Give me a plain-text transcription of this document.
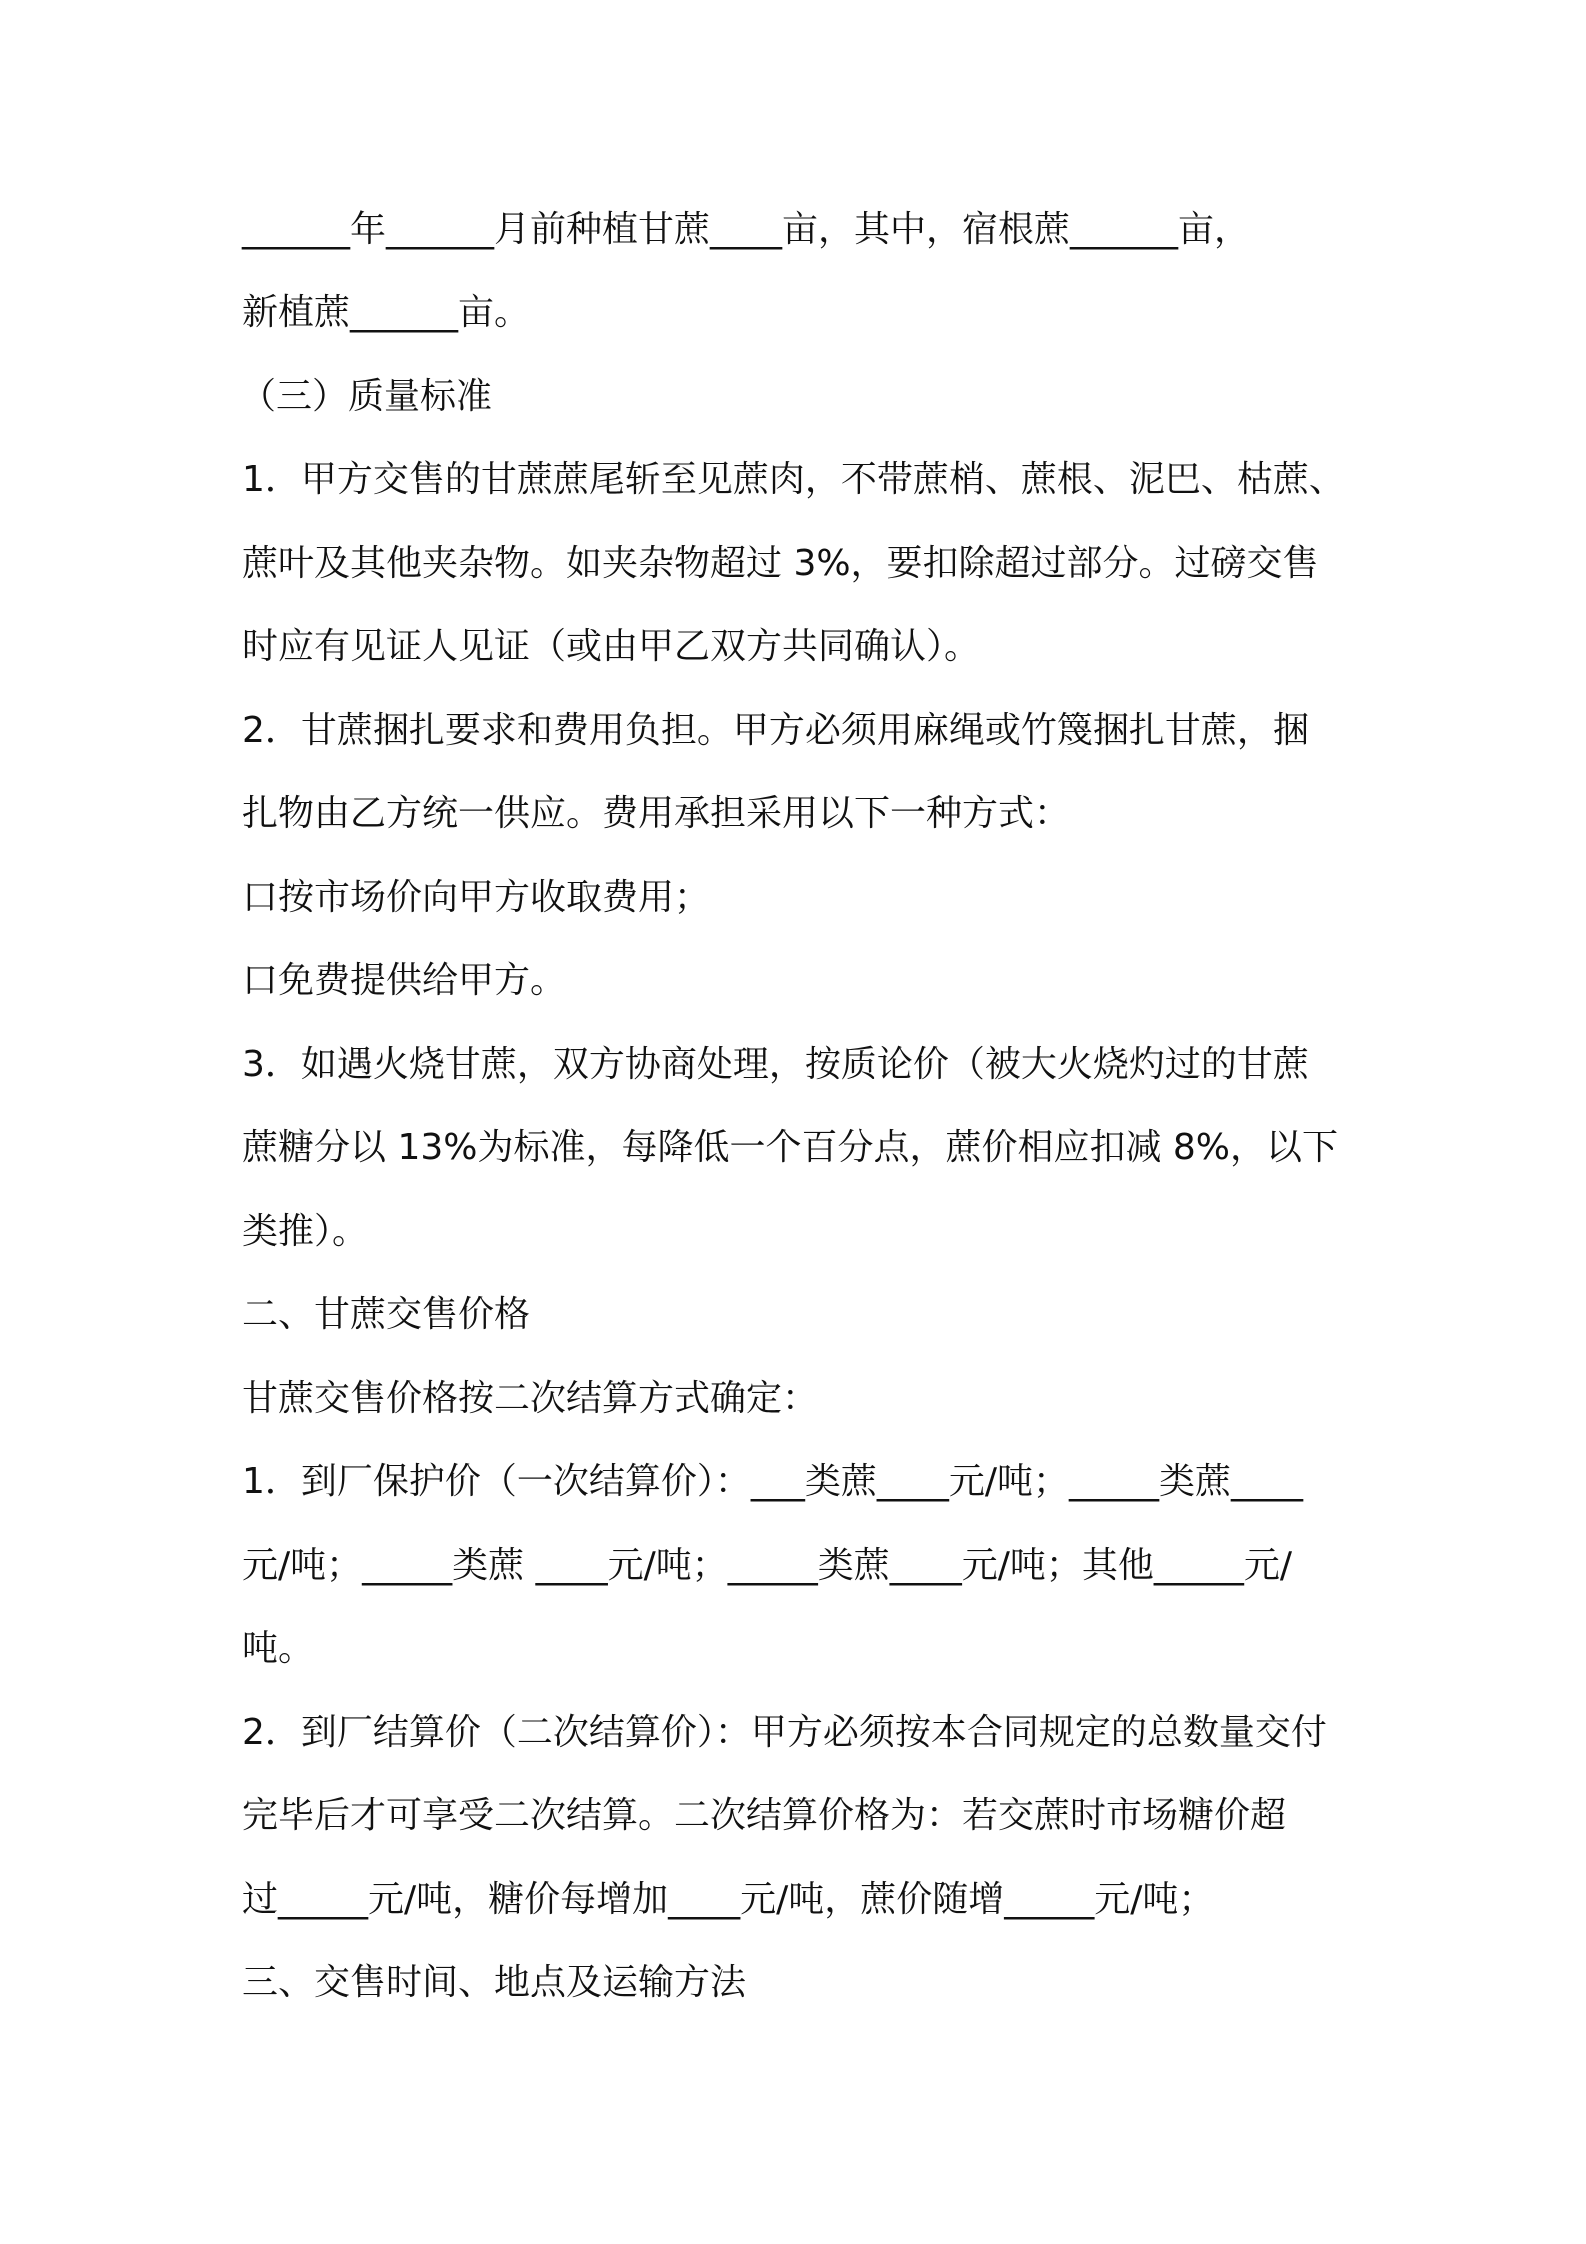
______年______月前种植甘蔗____亩，其中，宿根蔗______亩，
新植蔗______亩。
（三）质量标准
1．甲方交售的甘蔗蔗尾斩至见蔗肉，不带蔗梢、蔗根、泥巴、枯蔗、
蔗叶及其他夹杂物。如夹杂物超过 3%，要扣除超过部分。过磅交售
时应有见证人见证（或由甲乙双方共同确认）。
2．甘蔗捆扎要求和费用负担。甲方必须用麻绳或竹篾捆扎甘蔗，捆
扎物由乙方统一供应。费用承担采用以下一种方式：
口按市场价向甲方收取费用；
口免费提供给甲方。
3．如遇火烧甘蔗，双方协商处理，按质论价（被大火烧灼过的甘蔗
蔗糖分以 13%为标准，每降低一个百分点，蔗价相应扣减 8%，以下
类推）。
二、甘蔗交售价格
甘蔗交售价格按二次结算方式确定：
1．到厂保护价（一次结算价）：___类蔗____元/吨；_____类蔗____
元/吨；_____类蔗 ____元/吨；_____类蔗____元/吨；其他_____元/
吨。
2．到厂结算价（二次结算价）：甲方必须按本合同规定的总数量交付
完毕后才可享受二次结算。二次结算价格为：若交蔗时市场糖价超
过_____元/吨，糖价每增加____元/吨，蔗价随增_____元/吨；
三、交售时间、地点及运输方法
